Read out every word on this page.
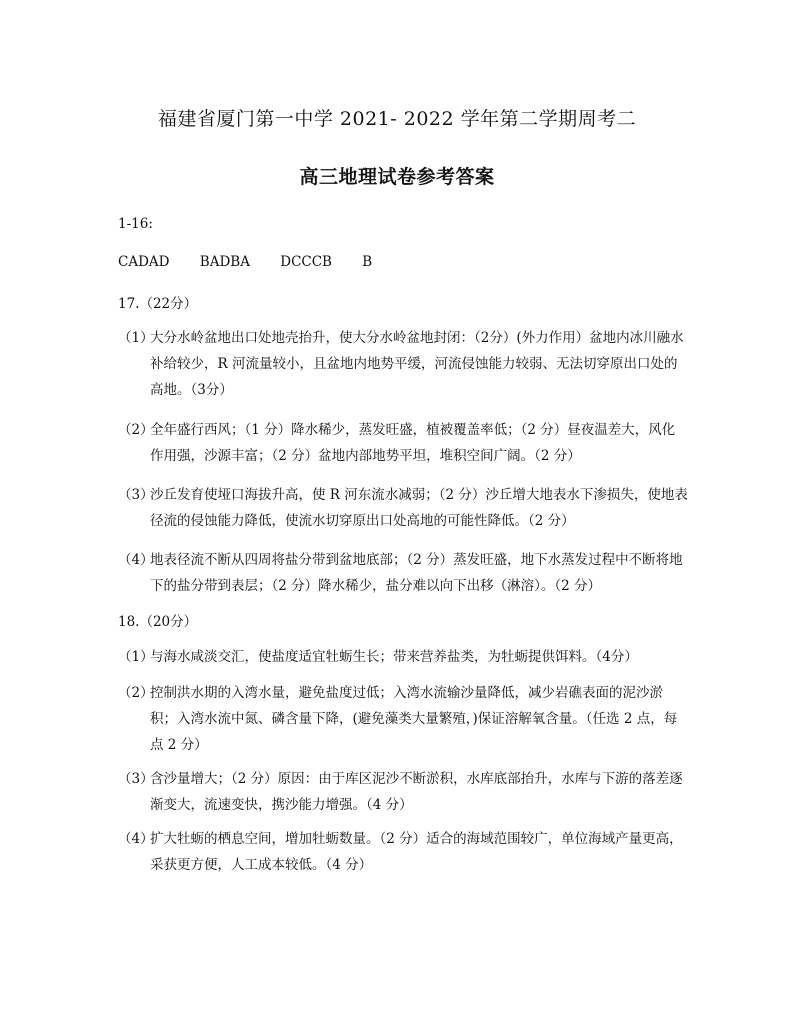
福建省厦门第一中学 2021- 2022 学年第二学期周考二
高三地理试卷参考答案
1-16:
CADAD BADBA DCCCB B
17.（22分）
（1）
大分水岭盆地出口处地壳抬升，使大分水岭盆地封闭：（2分）(外力作用）盆地内冰川融水补给较少，R 河流量较小，且盆地内地势平缓，河流侵蚀能力较弱、无法切穿原出口处的高地。（3分）
（2）
全年盛行西风；（1 分）降水稀少，蒸发旺盛，植被覆盖率低；（2 分）昼夜温差大，风化作用强，沙源丰富；（2 分）盆地内部地势平坦，堆积空间广阔。（2 分）
（3）
沙丘发育使垭口海拔升高，使 R 河东流水减弱；（2 分）沙丘增大地表水下渗损失，使地表径流的侵蚀能力降低，使流水切穿原出口处高地的可能性降低。（2 分）
（4）
地表径流不断从四周将盐分带到盆地底部；（2 分）蒸发旺盛，地下水蒸发过程中不断将地下的盐分带到表层；（2 分）降水稀少，盐分难以向下出移（淋溶）。（2 分）
18.（20分）
（1）
与海水咸淡交汇，使盐度适宜牡蛎生长；带来营养盐类，为牡蛎提供饵料。（4分）
（2）
控制洪水期的入湾水量，避免盐度过低；入湾水流输沙量降低，减少岩礁表面的泥沙淤积；入湾水流中氮、磷含量下降，(避免藻类大量繁殖，)保证溶解氧含量。（任选 2 点，每点 2 分）
（3）
含沙量增大；（2 分）原因：由于库区泥沙不断淤积，水库底部抬升，水库与下游的落差逐渐变大，流速变快，携沙能力增强。（4 分）
（4）
扩大牡蛎的栖息空间，增加牡蛎数量。（2 分）适合的海域范围较广，单位海域产量更高，采获更方便，人工成本较低。（4 分）
